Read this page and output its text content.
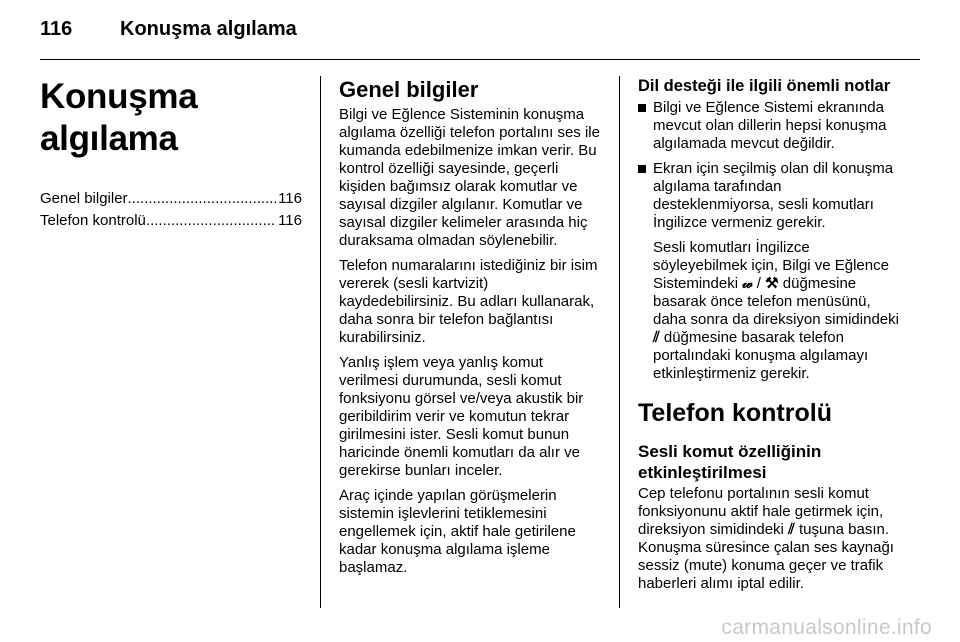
116 Konuşma algılama
Konuşma algılama
Genel bilgiler .....	116
Telefon kontrolü .....	116
Genel bilgiler

Bilgi ve Eğlence Sisteminin konuşma algılama özelliği telefon portalını ses ile kumanda edebilmenize imkan verir. Bu kontrol özelliği sayesinde, geçerli kişiden bağımsız olarak komutlar ve sayısal dizgiler algılanır. Komutlar ve sayısal dizgiler kelimeler arasında hiç duraksama olmadan söylenebilir.

Telefon numaralarını istediğiniz bir isim vererek (sesli kartvizit) kaydedebilirsiniz. Bu adları kullanarak, daha sonra bir telefon bağlantısı kurabilirsiniz.

Yanlış işlem veya yanlış komut verilmesi durumunda, sesli komut fonksiyonu görsel ve/veya akustik bir geribildirim verir ve komutun tekrar girilmesini ister. Sesli komut bunun haricinde önemli komutları da alır ve gerekirse bunları inceler.

Araç içinde yapılan görüşmelerin sistemin işlevlerini tetiklemesini engellemek için, aktif hale getirilene kadar konuşma algılama işleme başlamaz.

Dil desteği ile ilgili önemli notlar
Bilgi ve Eğlence Sistemi ekranında mevcut olan dillerin hepsi konuşma algılamada mevcut değildir.
Ekran için seçilmiş olan dil konuşma algılama tarafından desteklenmiyorsa, sesli komutları İngilizce vermeniz gerekir.

Sesli komutları İngilizce söyleyebilmek için, Bilgi ve Eğlence Sistemindeki 𝓌 / ⚒ düğmesine basarak önce telefon menüsünü, daha sonra da direksiyon simidindeki ⫽ düğmesine basarak telefon portalındaki konuşma algılamayı etkinleştirmeniz gerekir.

Telefon kontrolü
Sesli komut özelliğinin etkinleştirilmesi

Cep telefonu portalının sesli komut fonksiyonunu aktif hale getirmek için, direksiyon simidindeki ⫽ tuşuna basın. Konuşma süresince çalan ses kaynağı sessiz (mute) konuma geçer ve trafik haberleri alımı iptal edilir.

carmanualsonline.info
